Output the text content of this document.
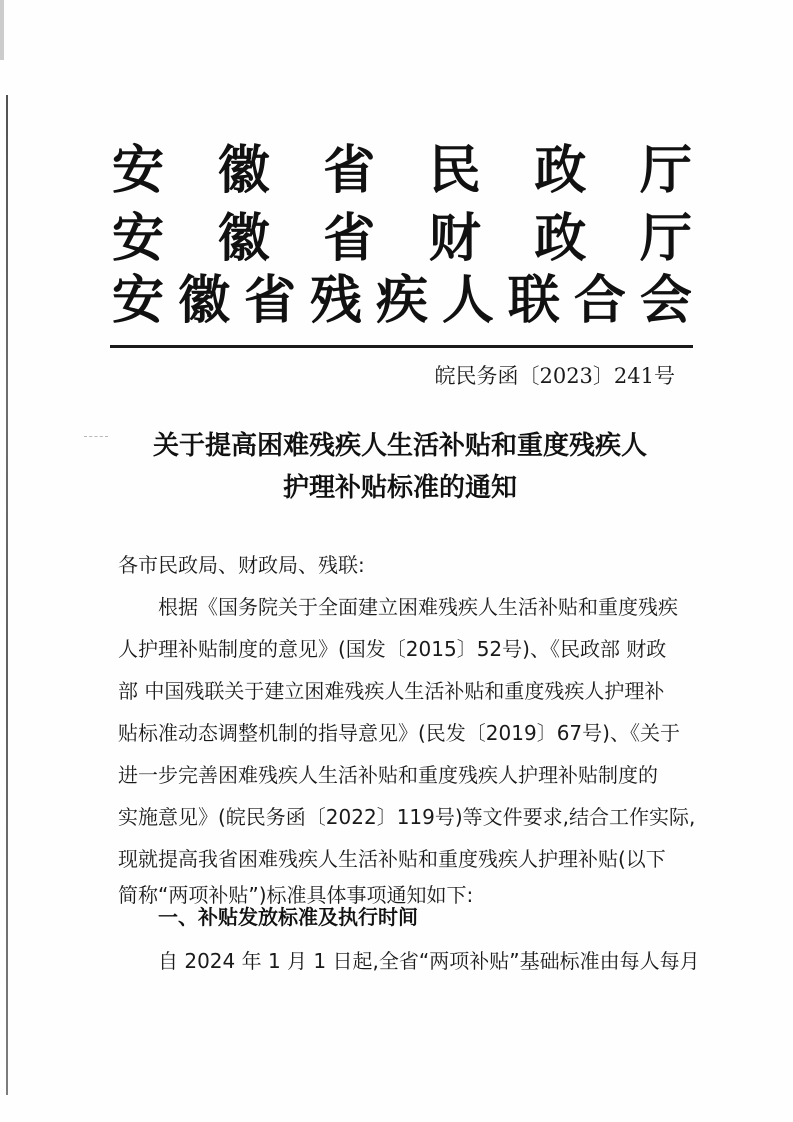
安 徽 省 民 政 厅
安 徽 省 财 政 厅
安 徽 省 残 疾 人 联 合 会
皖民务函〔2023〕241号
关于提高困难残疾人生活补贴和重度残疾人
护理补贴标准的通知
各市民政局、财政局、残联:
根据《国务院关于全面建立困难残疾人生活补贴和重度残疾
人护理补贴制度的意见》(国发〔2015〕52号)、《民政部 财政
部 中国残联关于建立困难残疾人生活补贴和重度残疾人护理补
贴标准动态调整机制的指导意见》(民发〔2019〕67号)、《关于
进一步完善困难残疾人生活补贴和重度残疾人护理补贴制度的
实施意见》(皖民务函〔2022〕119号)等文件要求,结合工作实际,
现就提高我省困难残疾人生活补贴和重度残疾人护理补贴(以下
简称“两项补贴”)标准具体事项通知如下:
一、补贴发放标准及执行时间
自 2024 年 1 月 1 日起,全省“两项补贴”基础标准由每人每月
